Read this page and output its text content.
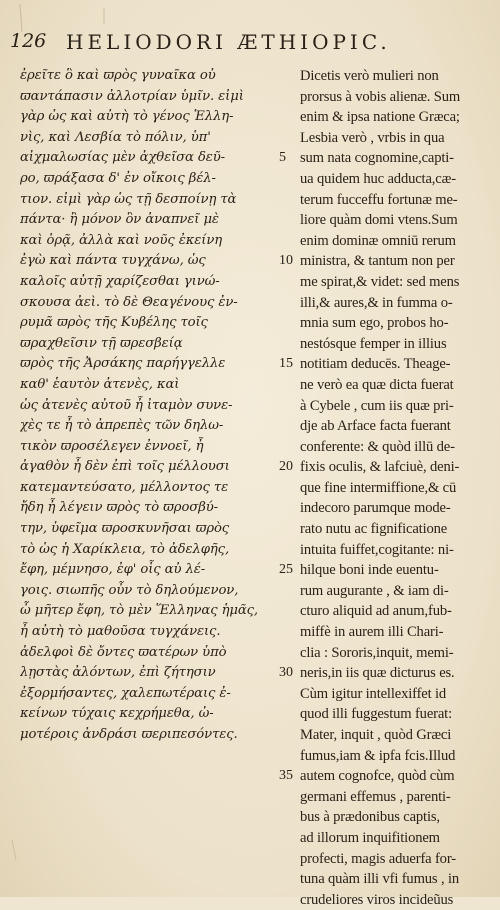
126 HELIODORI ÆTHIOPIC.
ἐρεῖτε ὃ καὶ ϖρὸς γυναῖκα οὐ
ϖαντάπασιν ἀλλοτρίαν ὑμῖν. εἰμὶ
γὰρ ὡς καὶ αὐτὴ τὸ γένος Ἑλλη-
νὶς, καὶ Λεσβία τὸ πόλιν, ὑπ'
αἰχμαλωσίας μὲν ἀχθεῖσα δεῦ-
ρο, ϖράξασα δ' ἐν οἴκοις βέλ-
τιον. εἰμὶ γὰρ ὡς τῇ δεσποίνῃ τὰ
πάντα· ἢ μόνον ὃν ἀναπνεῖ μὲ
καὶ ὁρᾷ, ἀλλὰ καὶ νοῦς ἐκείνη
ἐγὼ καὶ πάντα τυγχάνω, ὡς
καλοῖς αὐτῇ χαρίζεσθαι γινώ-
σκουσα ἀεὶ. τὸ δὲ Θεαγένους ἐν-
ρυμᾶ ϖρὸς τῆς Κυβέλης τοῖς
ϖραχθεῖσιν τῇ ϖρεσβείᾳ
ϖρὸς τῆς Ἀρσάκης παρήγγελλε
καθ' ἑαυτὸν ἀτενὲς, καὶ
ὡς ἀτενὲς αὐτοῦ ἦ ἰταμὸν συνε-
χὲς τε ἦ τὸ ἀπρεπὲς τῶν δηλω-
τικὸν ϖροσέλεγεν ἐννοεῖ, ἦ
ἀγαθὸν ἦ δὲν ἐπὶ τοῖς μέλλουσι
κατεμαντεύσατο, μέλλοντος τε
ἤδη ἦ λέγειν ϖρὸς τὸ ϖροσβύ-
την, ὑφεῖμα ϖροσκυνῆσαι ϖρὸς
τὸ ὡς ἡ Χαρίκλεια, τὸ ἀδελφῆς,
ἔφη, μέμνησο, ἐφ' οἷς αὐ λέ-
γοις. σιωπῆς οὖν τὸ δηλούμενον,
ὦ μῆτερ ἔφη, τὸ μὲν Ἕλληνας ἡμᾶς,
ἦ αὐτὴ τὸ μαθοῦσα τυγχάνεις.
ἀδελφοὶ δὲ ὄντες ϖατέρων ὑπὸ
λῃστὰς ἀλόντων, ἐπὶ ζήτησιν
ἐξορμήσαντες, χαλεπωτέραις ἐ-
κείνων τύχαις κεχρήμεθα, ὠ-
μοτέροις ἀνδράσι ϖεριπεσόντες.
Dicetis verò mulieri non
prorsus à vobis alienæ. Sum
enim & ipsa natione Græca;
Lesbia verò , vrbis in qua
sum nata cognomine,capti-
ua quidem huc adducta,cæ-
terum fucceffu fortunæ me-
liore quàm domi vtens.Sum
enim dominæ omniū rerum
ministra, & tantum non per
me spirat,& videt: sed mens
illi,& aures,& in fumma o-
mnia sum ego, probos ho-
nestósque femper in illius
notitiam deducēs. Theage-
ne verò ea quæ dicta fuerat
à Cybele , cum iis quæ pri-
dje ab Arface facta fuerant
conferente: & quòd illū de-
fixis oculis, & lafciuè, deni-
que fine intermiffione,& cū
indecoro parumque mode-
rato nutu ac fignificatione
intuita fuiffet,cogitante: ni-
hilque boni inde euentu-
rum augurante , & iam di-
cturo aliquid ad anum,fub-
miffè in aurem illi Chari-
clia : Sororis,inquit, memi-
neris,in iis quæ dicturus es.
Cùm igitur intellexiffet id
quod illi fuggestum fuerat:
Mater, inquit , quòd Græci
fumus,iam & ipfa fcis.Illud
autem cognofce, quòd cùm
germani effemus , parenti-
bus à prædonibus captis,
ad illorum inquifitionem
profecti, magis aduerfa for-
tuna quàm illi vfi fumus , in
crudeliores viros incideũus
5
10
15
20
25
30
35
